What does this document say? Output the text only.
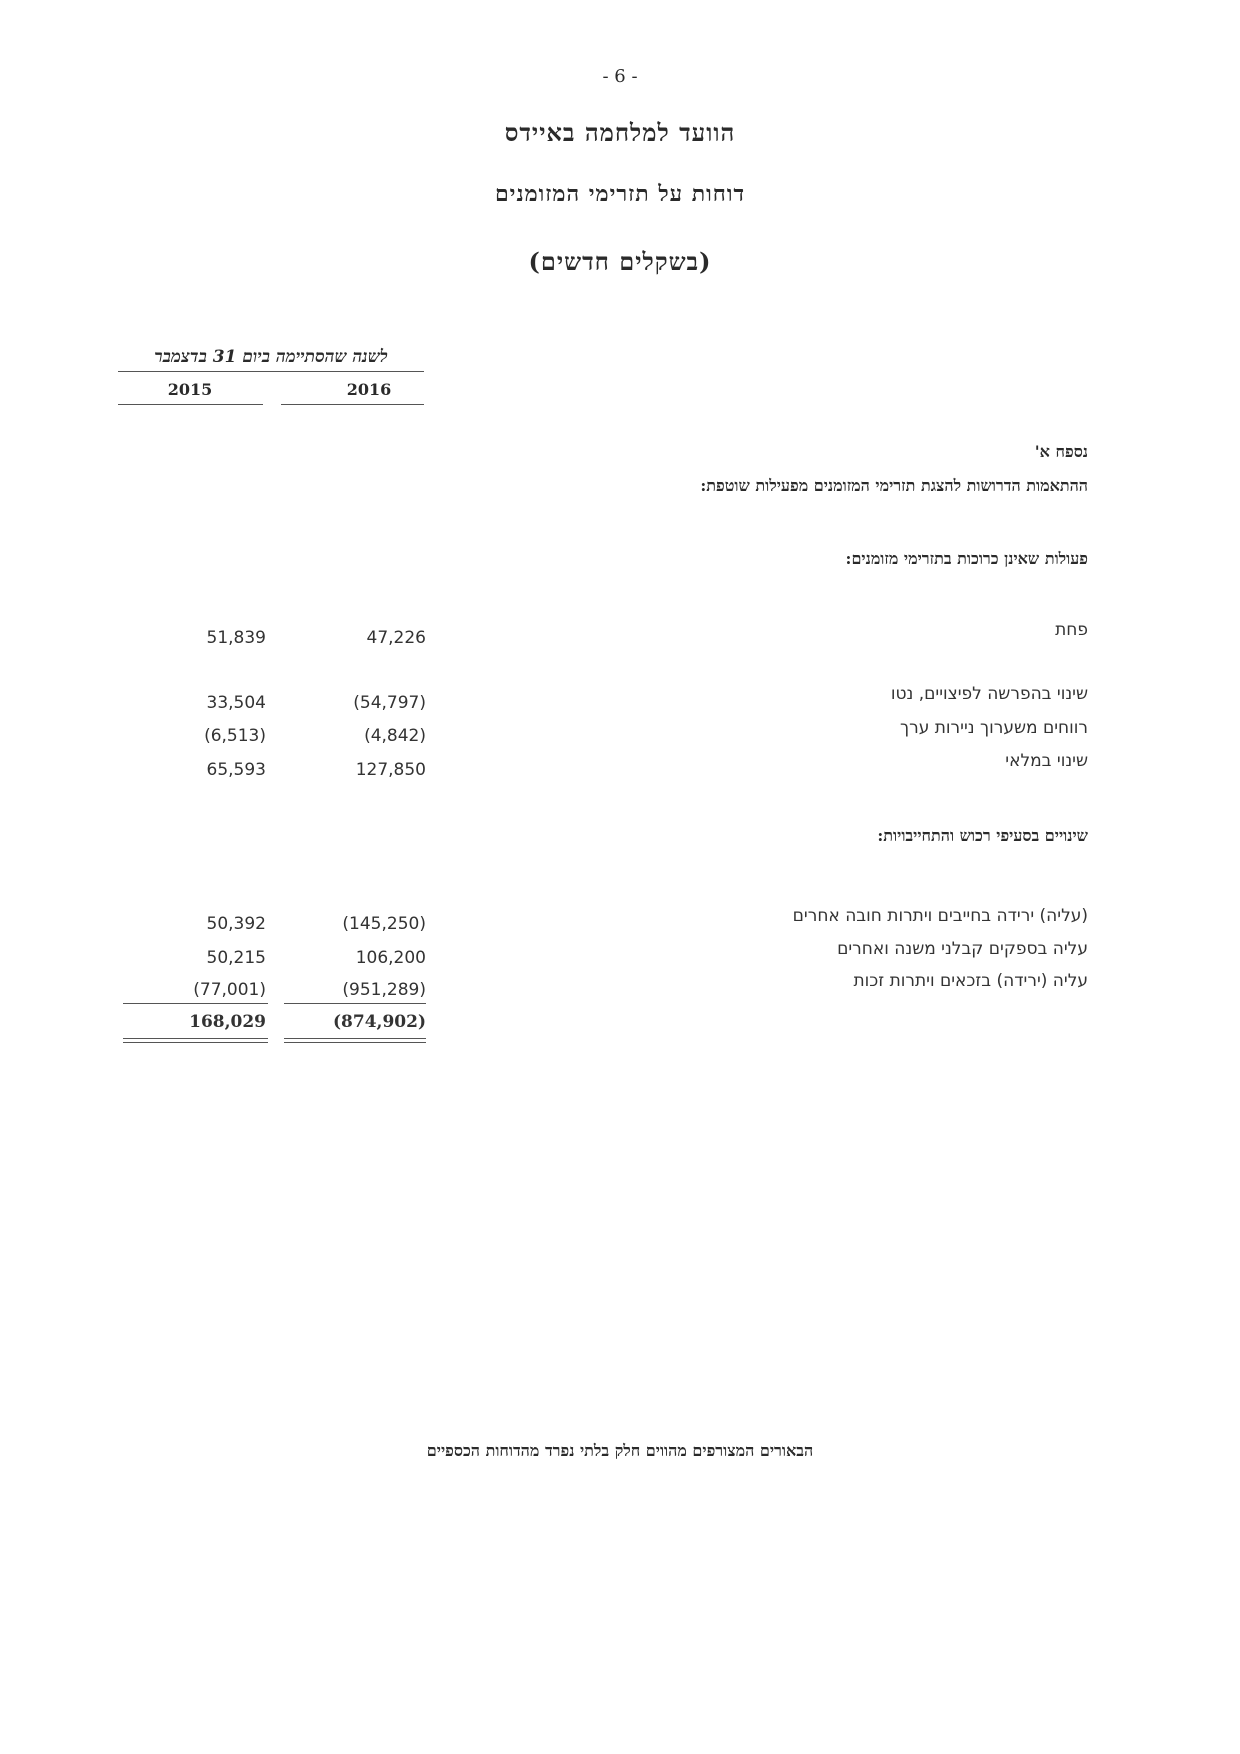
- 6 -
הוועד למלחמה באיידס
דוחות על תזרימי המזומנים
(בשקלים חדשים)
לשנה שהסתיימה ביום 31 בדצמבר
2016
2015
נספח א'
ההתאמות הדרושות להצגת תזרימי המזומנים מפעילות שוטפת:
פעולות שאינן כרוכות בתזרימי מזומנים:
פחת
47,226
51,839
שינוי בהפרשה לפיצויים, נטו
(54,797)
33,504
רווחים משערוך ניירות ערך
(4,842)
(6,513)
שינוי במלאי
127,850
65,593
שינויים בסעיפי רכוש והתחייבויות:
(עליה) ירידה בחייבים ויתרות חובה אחרים
(145,250)
50,392
עליה בספקים קבלני משנה ואחרים
106,200
50,215
עליה (ירידה) בזכאים ויתרות זכות
(951,289)
(77,001)
(874,902)
168,029
הבאורים המצורפים מהווים חלק בלתי נפרד מהדוחות הכספיים
